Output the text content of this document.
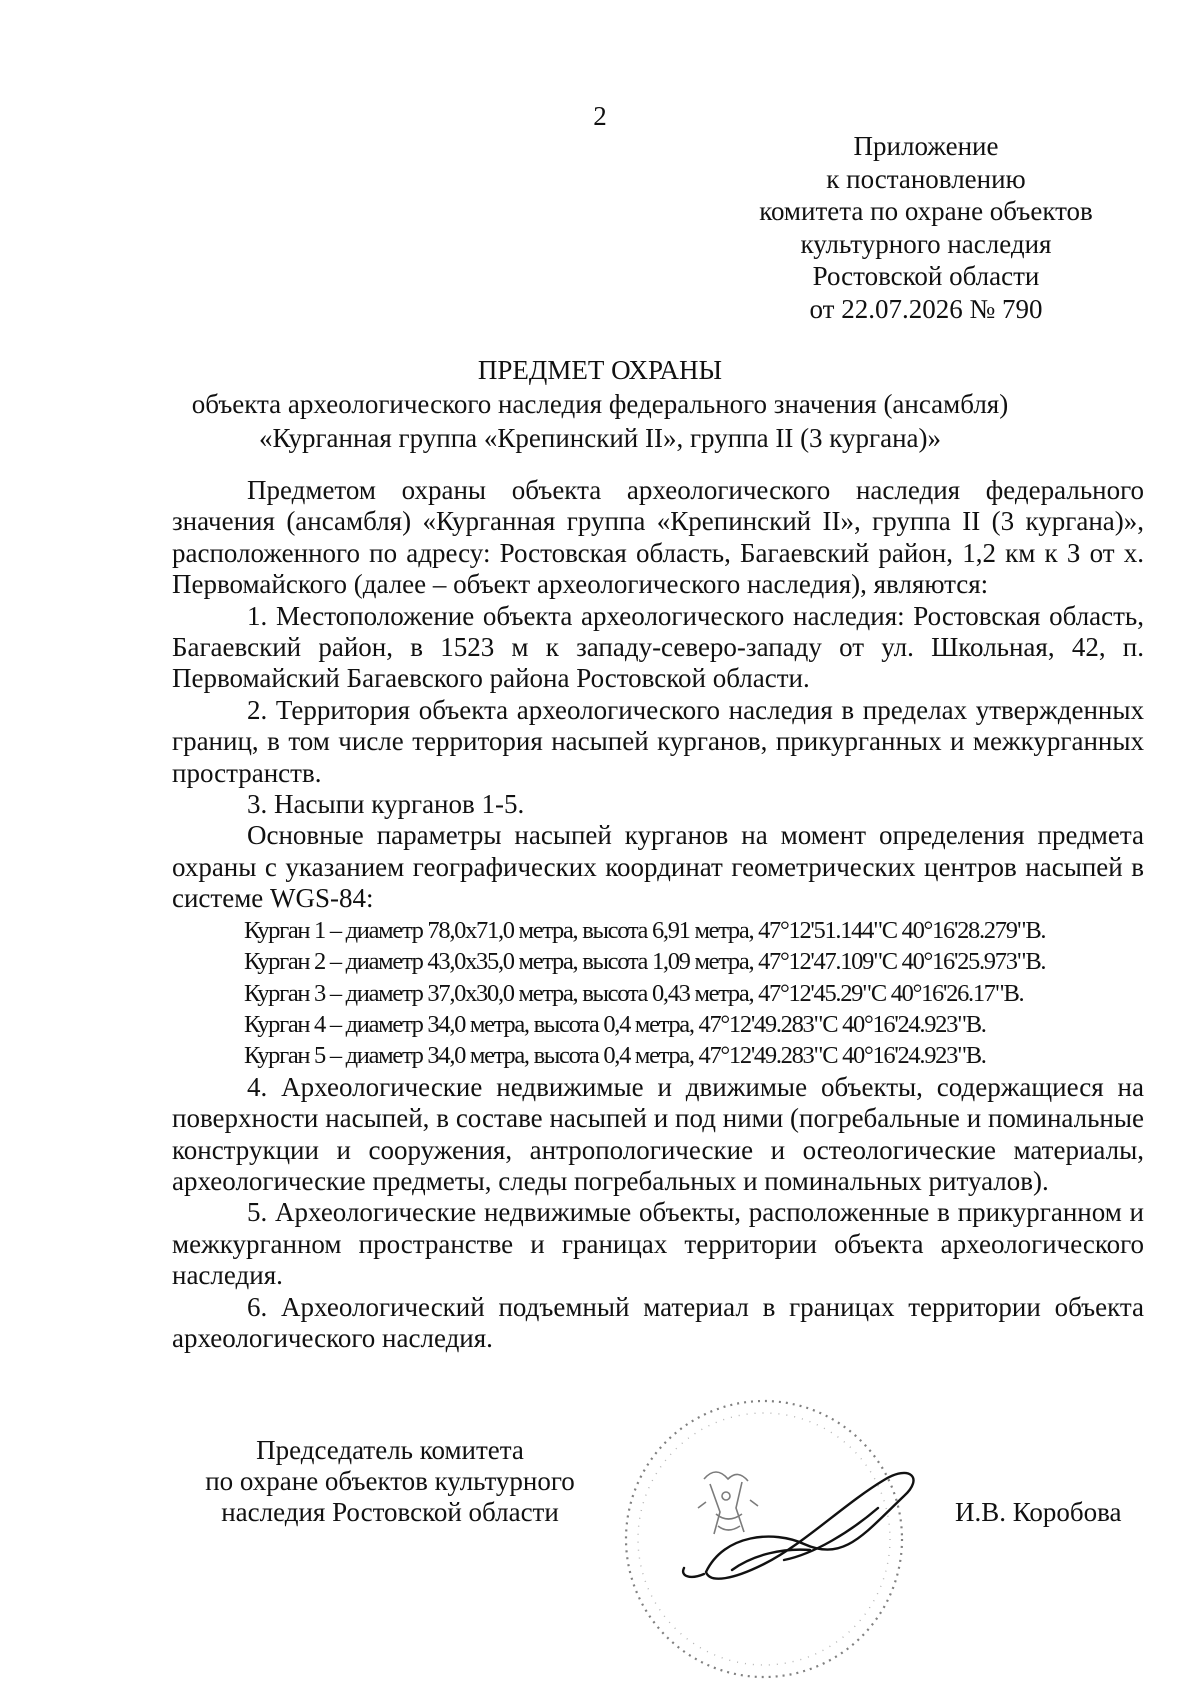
2
Приложение
к постановлению
комитета по охране объектов
культурного наследия
Ростовской области
от 22.07.2026 № 790
ПРЕДМЕТ ОХРАНЫ
объекта археологического наследия федерального значения (ансамбля)
«Курганная группа «Крепинский II», группа II (3 кургана)»

Предметом охраны объекта археологического наследия федерального значения (ансамбля) «Курганная группа «Крепинский II», группа II (3 кургана)», расположенного по адресу: Ростовская область, Багаевский район, 1,2 км к З от х. Первомайского (далее – объект археологического наследия), являются:

1. Местоположение объекта археологического наследия: Ростовская область, Багаевский район, в 1523 м к западу-северо-западу от ул. Школьная, 42, п. Первомайский Багаевского района Ростовской области.

2. Территория объекта археологического наследия в пределах утвержденных границ, в том числе территория насыпей курганов, прикурганных и межкурганных пространств.

3. Насыпи курганов 1-5.

Основные параметры насыпей курганов на момент определения предмета охраны с указанием географических координат геометрических центров насыпей в системе WGS-84:

Курган 1 – диаметр 78,0х71,0 метра, высота 6,91 метра, 47°12'51.144"С 40°16'28.279"В.
Курган 2 – диаметр 43,0х35,0 метра, высота 1,09 метра, 47°12'47.109"С 40°16'25.973"В.
Курган 3 – диаметр 37,0х30,0 метра, высота 0,43 метра, 47°12'45.29"С 40°16'26.17"В.
Курган 4 – диаметр 34,0 метра, высота 0,4 метра, 47°12'49.283"С 40°16'24.923"В.
Курган 5 – диаметр 34,0 метра, высота 0,4 метра, 47°12'49.283"С 40°16'24.923"В.

4. Археологические недвижимые и движимые объекты, содержащиеся на поверхности насыпей, в составе насыпей и под ними (погребальные и поминальные конструкции и сооружения, антропологические и остеологические материалы, археологические предметы, следы погребальных и поминальных ритуалов).

5. Археологические недвижимые объекты, расположенные в прикурганном и межкурганном пространстве и границах территории объекта археологического наследия.

6. Археологический подъемный материал в границах территории объекта археологического наследия.

Председатель комитета
по охране объектов культурного
наследия Ростовской области	И.В. Коробова
